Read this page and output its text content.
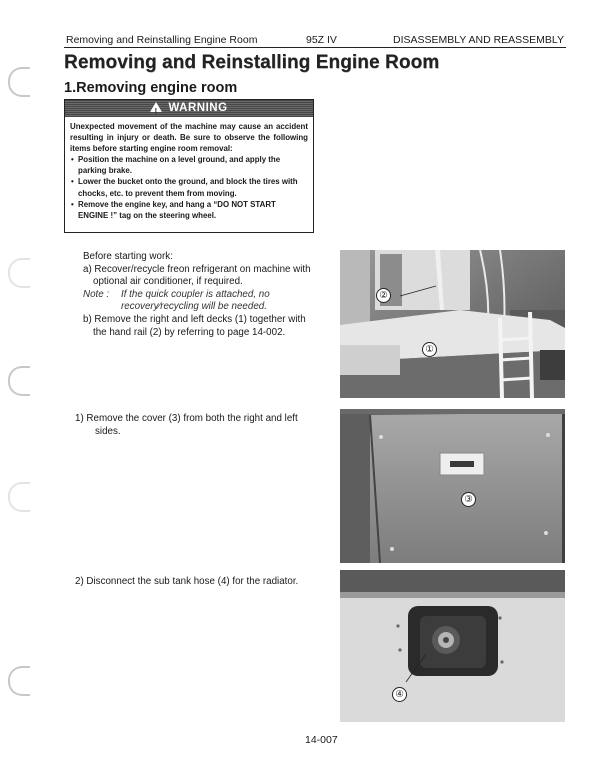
Removing and Reinstalling Engine Room	95Z IV	DISASSEMBLY AND REASSEMBLY
Removing and Reinstalling Engine Room
1.Removing engine room
!WARNING
Unexpected movement of the machine may cause an accident resulting in injury or death. Be sure to observe the following items before starting engine room removal:
• Position the machine on a level ground, and apply the parking brake.
• Lower the bucket onto the ground, and block the tires with chocks, etc. to prevent them from moving.
• Remove the engine key, and hang a “DO NOT START ENGINE !” tag on the steering wheel.
Before starting work:
a) Recover/recycle freon refrigerant on machine with optional air conditioner, if required.
Note : If the quick coupler is attached, no
recovery∕recycling will be needed.
b) Remove the right and left decks (1) together with the hand rail (2) by referring to page 14-002.
1) Remove the cover (3) from both the right and left sides.
2) Disconnect the sub tank hose (4) for the radiator.
②
①
③
④
14-007
